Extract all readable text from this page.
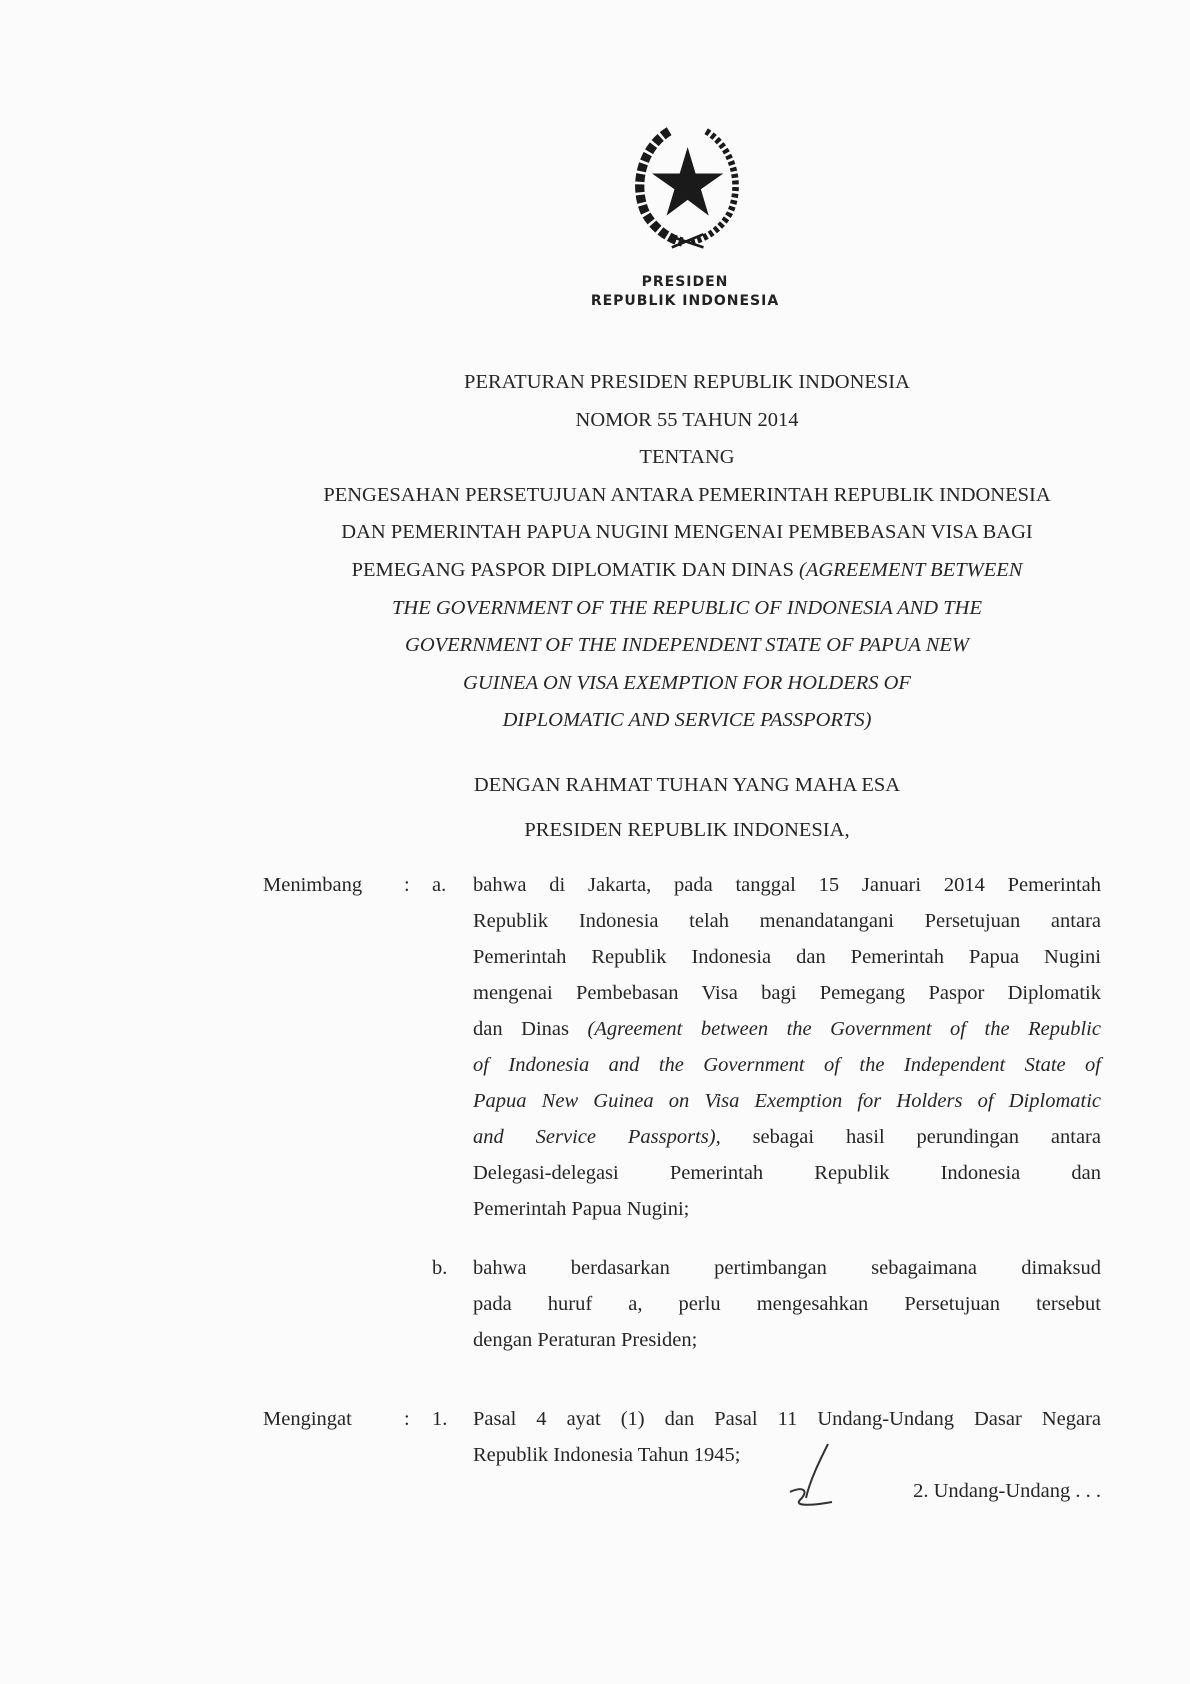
PRESIDEN
REPUBLIK INDONESIA
PERATURAN PRESIDEN REPUBLIK INDONESIA
NOMOR 55 TAHUN 2014
TENTANG
PENGESAHAN PERSETUJUAN ANTARA PEMERINTAH REPUBLIK INDONESIA
DAN PEMERINTAH PAPUA NUGINI MENGENAI PEMBEBASAN VISA BAGI
PEMEGANG PASPOR DIPLOMATIK DAN DINAS (AGREEMENT BETWEEN
THE GOVERNMENT OF THE REPUBLIC OF INDONESIA AND THE
GOVERNMENT OF THE INDEPENDENT STATE OF PAPUA NEW
GUINEA ON VISA EXEMPTION FOR HOLDERS OF
DIPLOMATIC AND SERVICE PASSPORTS)
DENGAN RAHMAT TUHAN YANG MAHA ESA
PRESIDEN REPUBLIK INDONESIA,
Menimbang : a. bahwa di Jakarta, pada tanggal 15 Januari 2014 Pemerintah
Republik Indonesia telah menandatangani Persetujuan antara
Pemerintah Republik Indonesia dan Pemerintah Papua Nugini
mengenai Pembebasan Visa bagi Pemegang Paspor Diplomatik
dan Dinas (Agreement between the Government of the Republic
of Indonesia and the Government of the Independent State of
Papua New Guinea on Visa Exemption for Holders of Diplomatic
and Service Passports), sebagai hasil perundingan antara
Delegasi-delegasi Pemerintah Republik Indonesia dan
Pemerintah Papua Nugini;
b. bahwa berdasarkan pertimbangan sebagaimana dimaksud
pada huruf a, perlu mengesahkan Persetujuan tersebut
dengan Peraturan Presiden;
Mengingat	: 1. Pasal 4 ayat (1) dan Pasal 11 Undang-Undang Dasar Negara
Republik Indonesia Tahun 1945;
2. Undang-Undang . . .
